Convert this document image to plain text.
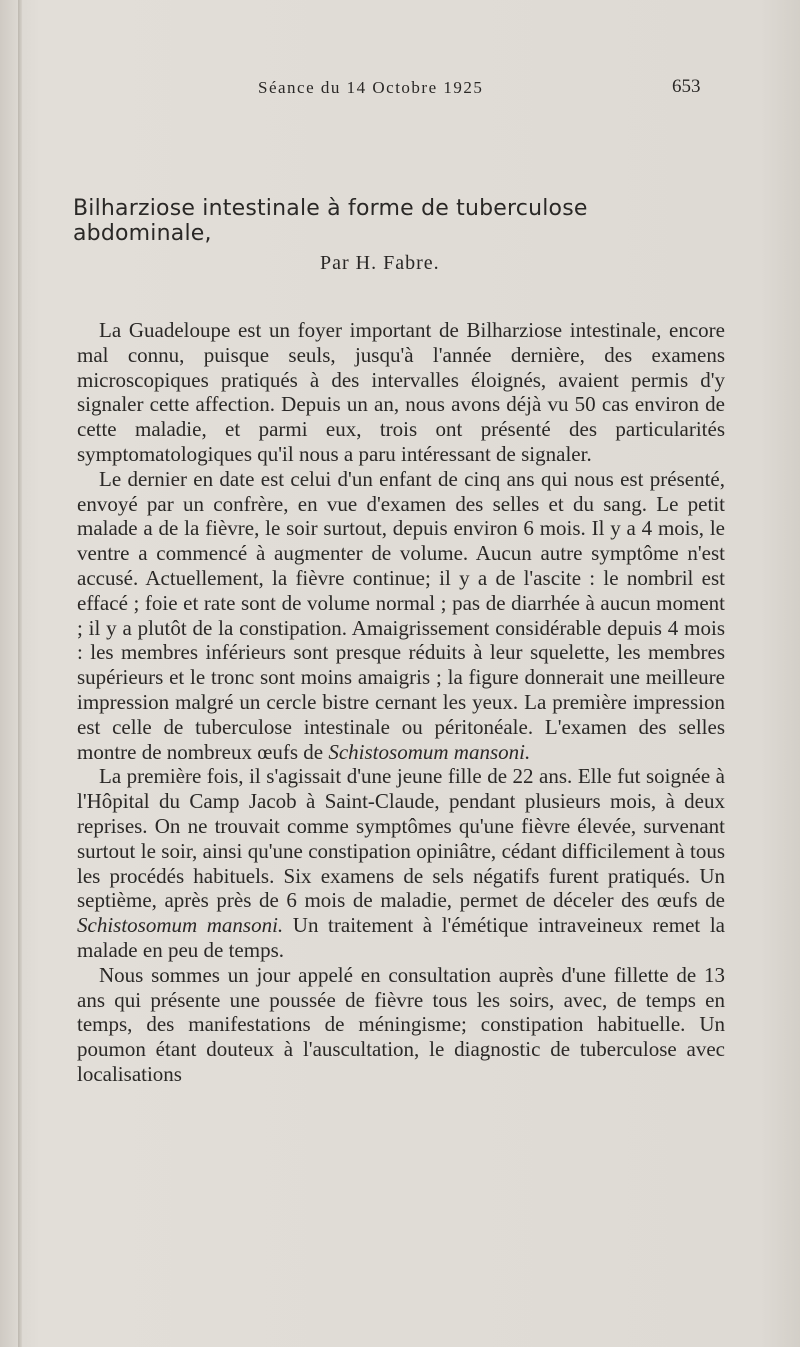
Séance du 14 Octobre 1925	653
Bilharziose intestinale à forme de tuberculose abdominale,
Par H. Fabre.

La Guadeloupe est un foyer important de Bilharziose intestinale, encore mal connu, puisque seuls, jusqu'à l'année dernière, des examens microscopiques pratiqués à des intervalles éloignés, avaient permis d'y signaler cette affection. Depuis un an, nous avons déjà vu 50 cas environ de cette maladie, et parmi eux, trois ont présenté des particularités symptomatologiques qu'il nous a paru intéressant de signaler.

Le dernier en date est celui d'un enfant de cinq ans qui nous est présenté, envoyé par un confrère, en vue d'examen des selles et du sang. Le petit malade a de la fièvre, le soir surtout, depuis environ 6 mois. Il y a 4 mois, le ventre a commencé à augmenter de volume. Aucun autre symptôme n'est accusé. Actuellement, la fièvre continue; il y a de l'ascite : le nombril est effacé ; foie et rate sont de volume normal ; pas de diarrhée à aucun moment ; il y a plutôt de la constipation. Amaigrissement considérable depuis 4 mois : les membres inférieurs sont presque réduits à leur squelette, les membres supérieurs et le tronc sont moins amaigris ; la figure donnerait une meilleure impression malgré un cercle bistre cernant les yeux. La première impression est celle de tuberculose intestinale ou péritonéale. L'examen des selles montre de nombreux œufs de Schistosomum mansoni.

La première fois, il s'agissait d'une jeune fille de 22 ans. Elle fut soignée à l'Hôpital du Camp Jacob à Saint-Claude, pendant plusieurs mois, à deux reprises. On ne trouvait comme symptômes qu'une fièvre élevée, survenant surtout le soir, ainsi qu'une constipation opiniâtre, cédant difficilement à tous les procédés habituels. Six examens de sels négatifs furent pratiqués. Un septième, après près de 6 mois de maladie, permet de déceler des œufs de Schistosomum mansoni. Un traitement à l'émétique intraveineux remet la malade en peu de temps.

Nous sommes un jour appelé en consultation auprès d'une fillette de 13 ans qui présente une poussée de fièvre tous les soirs, avec, de temps en temps, des manifestations de méningisme; constipation habituelle. Un poumon étant douteux à l'auscultation, le diagnostic de tuberculose avec localisations
